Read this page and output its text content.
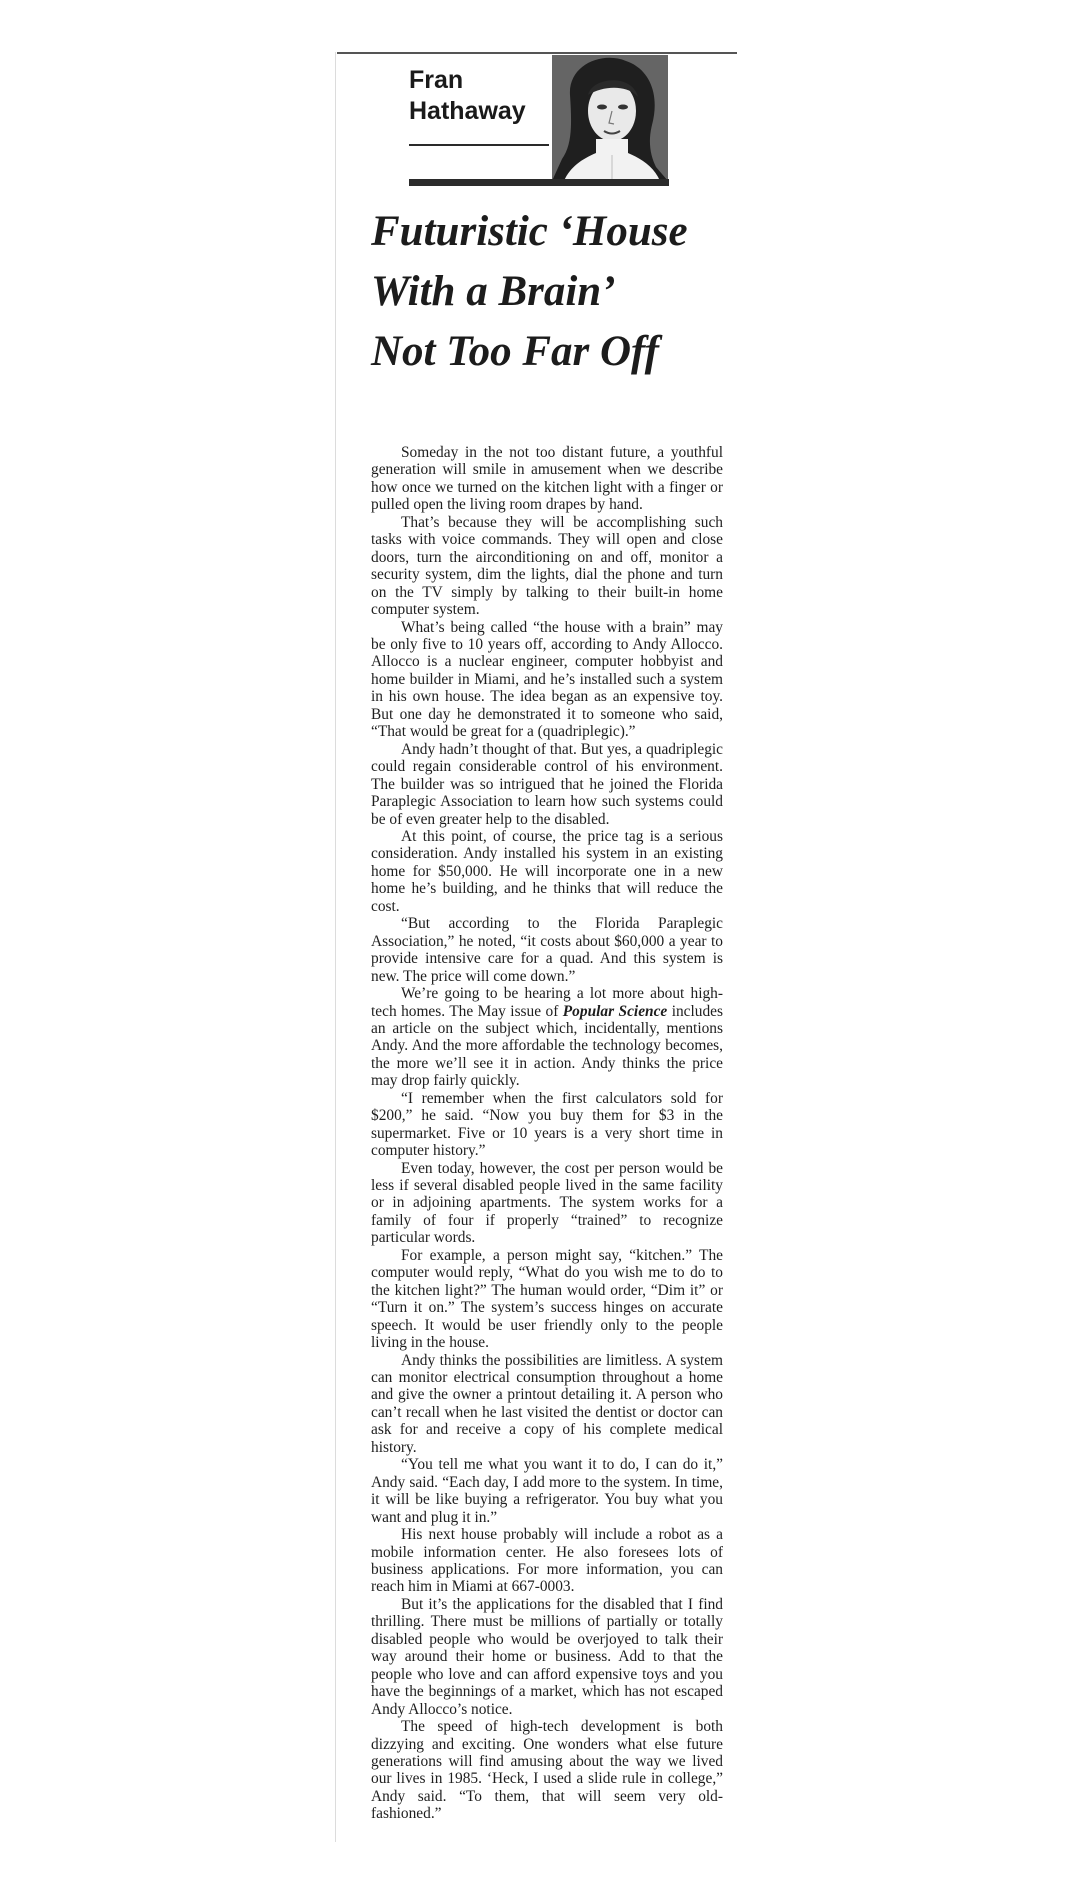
Fran
Hathaway
Futuristic ‘House
With a Brain’
Not Too Far Off

Someday in the not too distant future, a youthful generation will smile in amusement when we describe how once we turned on the kitchen light with a finger or pulled open the living room drapes by hand.

That’s because they will be accomplishing such tasks with voice commands. They will open and close doors, turn the airconditioning on and off, monitor a security system, dim the lights, dial the phone and turn on the TV simply by talking to their built-in home computer system.

What’s being called “the house with a brain” may be only five to 10 years off, according to Andy Allocco. Allocco is a nuclear engineer, computer hobbyist and home builder in Miami, and he’s installed such a system in his own house. The idea began as an expensive toy. But one day he demonstrated it to someone who said, “That would be great for a (quadriplegic).”

Andy hadn’t thought of that. But yes, a quadriplegic could regain considerable control of his environment. The builder was so intrigued that he joined the Florida Paraplegic Association to learn how such systems could be of even greater help to the disabled.

At this point, of course, the price tag is a serious consideration. Andy installed his system in an existing home for $50,000. He will incorporate one in a new home he’s building, and he thinks that will reduce the cost.

“But according to the Florida Paraplegic Association,” he noted, “it costs about $60,000 a year to provide intensive care for a quad. And this system is new. The price will come down.”

We’re going to be hearing a lot more about high-tech homes. The May issue of Popular Science includes an article on the subject which, incidentally, mentions Andy. And the more affordable the technology becomes, the more we’ll see it in action. Andy thinks the price may drop fairly quickly.

“I remember when the first calculators sold for $200,” he said. “Now you buy them for $3 in the supermarket. Five or 10 years is a very short time in computer history.”

Even today, however, the cost per person would be less if several disabled people lived in the same facility or in adjoining apartments. The system works for a family of four if properly “trained” to recognize particular words.

For example, a person might say, “kitchen.” The computer would reply, “What do you wish me to do to the kitchen light?” The human would order, “Dim it” or “Turn it on.” The system’s success hinges on accurate speech. It would be user friendly only to the people living in the house.

Andy thinks the possibilities are limitless. A system can monitor electrical consumption throughout a home and give the owner a printout detailing it. A person who can’t recall when he last visited the dentist or doctor can ask for and receive a copy of his complete medical history.

“You tell me what you want it to do, I can do it,” Andy said. “Each day, I add more to the system. In time, it will be like buying a refrigerator. You buy what you want and plug it in.”

His next house probably will include a robot as a mobile information center. He also foresees lots of business applications. For more information, you can reach him in Miami at 667-0003.

But it’s the applications for the disabled that I find thrilling. There must be millions of partially or totally disabled people who would be overjoyed to talk their way around their home or business. Add to that the people who love and can afford expensive toys and you have the beginnings of a market, which has not escaped Andy Allocco’s notice.

The speed of high-tech development is both dizzying and exciting. One wonders what else future generations will find amusing about the way we lived our lives in 1985. ‘Heck, I used a slide rule in college,” Andy said. “To them, that will seem very old-fashioned.”
